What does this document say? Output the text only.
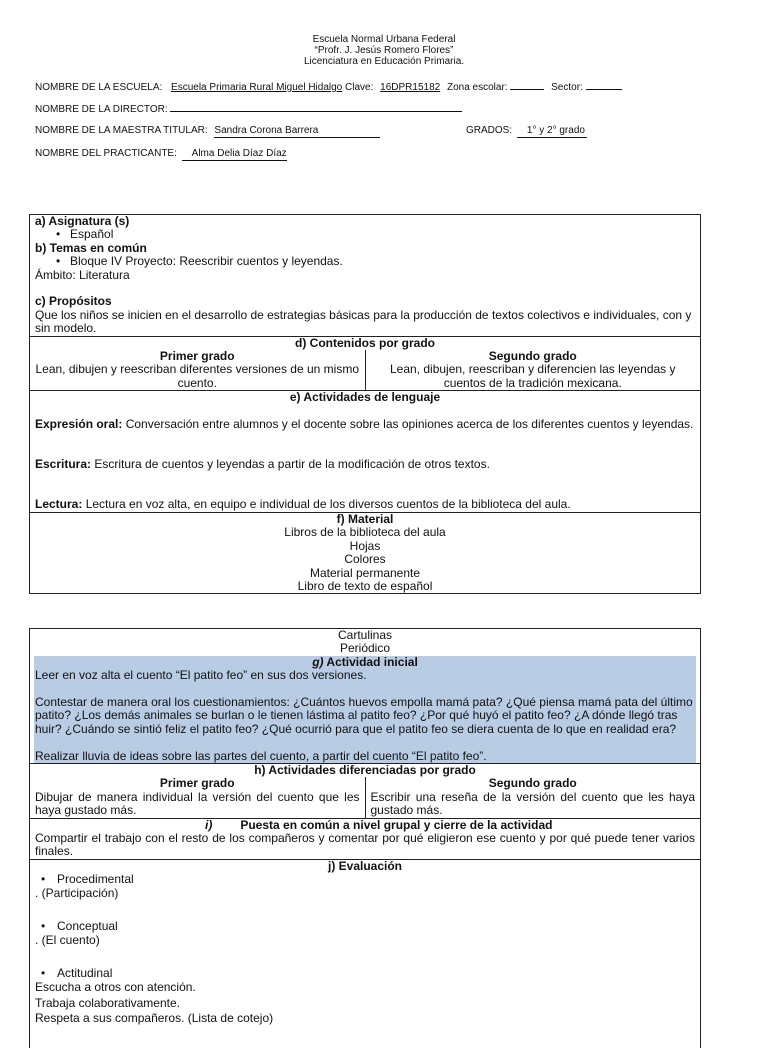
Escuela Normal Urbana Federal
“Profr. J. Jesús Romero Flores”
Licenciatura en Educación Primaria.
NOMBRE DE LA ESCUELA: Escuela Primaria Rural Miguel Hidalgo Clave: 16DPR15182 Zona escolar:	Sector:
NOMBRE DE LA DIRECTOR:
NOMBRE DE LA MAESTRA TITULAR: Sandra Corona Barrera	GRADOS: 1° y 2° grado
NOMBRE DEL PRACTICANTE: Alma Delia Díaz Díaz
a) Asignatura (s)
• Español
b) Temas en común
• Bloque IV Proyecto: Reescribir cuentos y leyendas.
Ámbito: Literatura
c) Propósitos
Que los niños se inicien en el desarrollo de estrategias básicas para la producción de textos colectivos e individuales, con y sin modelo.
d) Contenidos por grado
Primer grado
Lean, dibujen y reescriban diferentes versiones de un mismo cuento.
Segundo grado
Lean, dibujen, reescriban y diferencien las leyendas y cuentos de la tradición mexicana.
e) Actividades de lenguaje
Expresión oral: Conversación entre alumnos y el docente sobre las opiniones acerca de los diferentes cuentos y leyendas.
Escritura: Escritura de cuentos y leyendas a partir de la modificación de otros textos.
Lectura: Lectura en voz alta, en equipo e individual de los diversos cuentos de la biblioteca del aula.
f) Material
Libros de la biblioteca del aula
Hojas
Colores
Material permanente
Libro de texto de español
Cartulinas
Periódico
g) Actividad inicial
Leer en voz alta el cuento “El patito feo” en sus dos versiones.
Contestar de manera oral los cuestionamientos: ¿Cuántos huevos empolla mamá pata? ¿Qué piensa mamá pata del último patito? ¿Los demás animales se burlan o le tienen lástima al patito feo? ¿Por qué huyó el patito feo? ¿A dónde llegó tras huir? ¿Cuándo se sintió feliz el patito feo? ¿Qué ocurrió para que el patito feo se diera cuenta de lo que en realidad era?
Realizar lluvia de ideas sobre las partes del cuento, a partir del cuento “El patito feo”.
h) Actividades diferenciadas por grado
Primer grado
Dibujar de manera individual la versión del cuento que les haya gustado más.
Segundo grado
Escribir una reseña de la versión del cuento que les haya gustado más.
i) Puesta en común a nivel grupal y cierre de la actividad
Compartir el trabajo con el resto de los compañeros y comentar por qué eligieron ese cuento y por qué puede tener varios finales.
j) Evaluación
• Procedimental
. (Participación)
• Conceptual
. (El cuento)
• Actitudinal
Escucha a otros con atención.
Trabaja colaborativamente.
Respeta a sus compañeros. (Lista de cotejo)
